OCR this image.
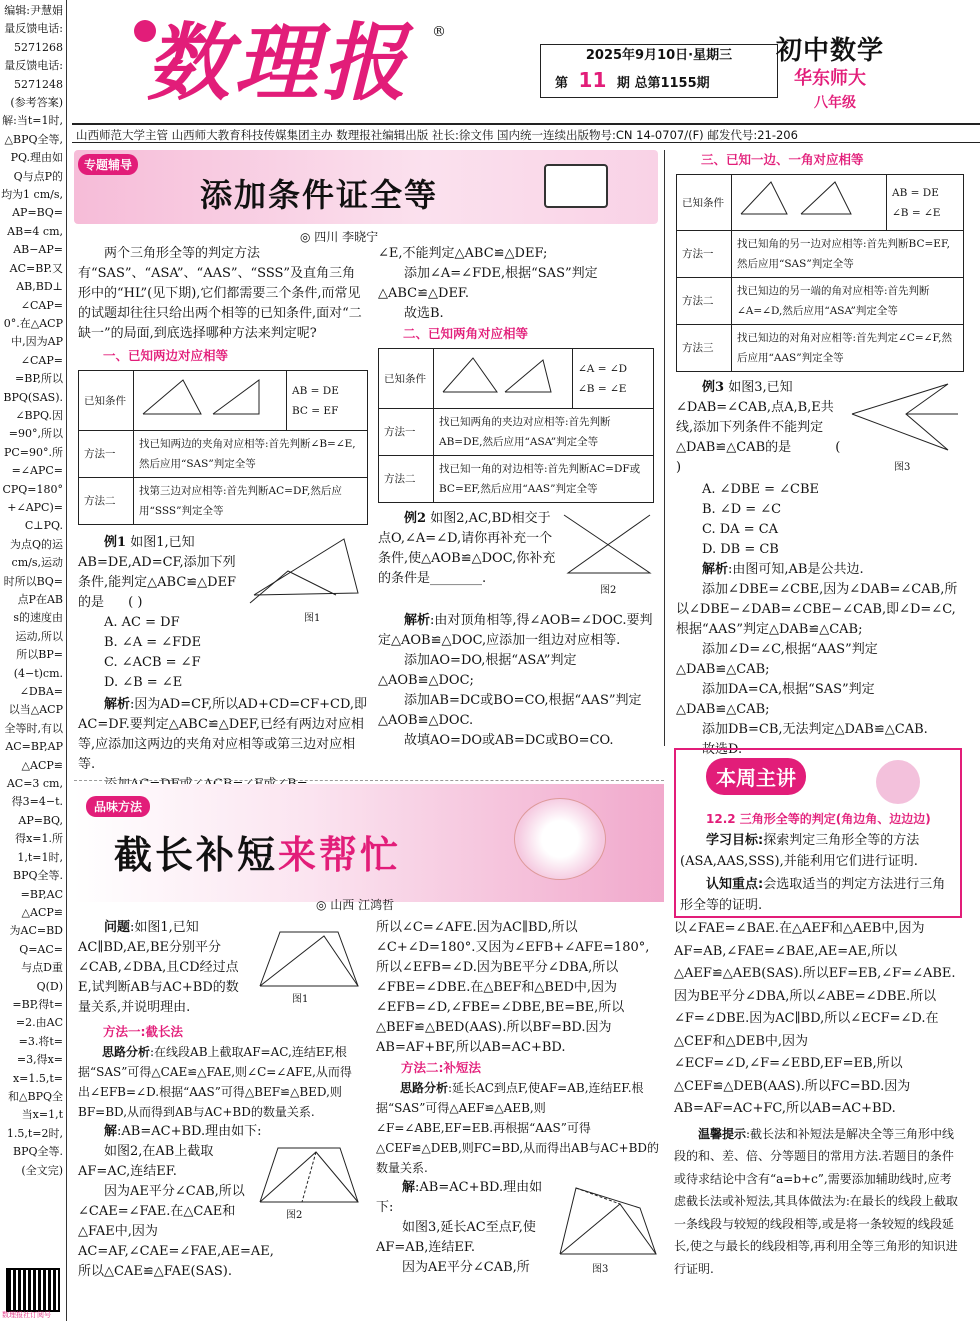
编辑:尹慧娟
量反馈电话:
5271268
量反馈电话:
5271248
(参考答案)
解:当t=1时,
△BPQ全等,
PQ.理由如
Q与点P的
均为1 cm/s,
AP=BQ=
AB=4 cm,
AB−AP=
AC=BP.又
AB,BD⊥
∠CAP=
0°.在△ACP
中,因为AP
∠CAP=
=BP,所以
BPQ(SAS).
∠BPQ.因
=90°,所以
PC=90°.所
=∠APC=
CPQ=180°
+∠APC)=
C⊥PQ.
为点Q的运
cm/s,运动
时所以BQ=
点P在AB
s的速度由
运动,所以
所以BP=
(4−t)cm.
∠DBA=
以当△ACP
全等时,有以
AC=BP,AP
△ACP≌
AC=3 cm,
得3=4−t.
AP=BQ,
得x=1.所
1,t=1时,
BPQ全等.
=BP,AC
△ACP≌
为AC=BD
Q=AC=
与点D重
Q(D)
=BP,得t=
=2.由AC
=3.将t=
=3,得x=
x=1.5,t=
和△BPQ全
当x=1,t
1.5,t=2时,
BPQ全等.
(全文完)
数理报社订阅号
数理报 ®
2025年9月10日·星期三
第 11 期 总第1155期
初中数学
华东师大
八年级
山西师范大学主管 山西师大教育科技传媒集团主办 数理报社编辑出版 社长:徐文伟 国内统一连续出版物号:CN 14-0707/(F) 邮发代号:21-206
专题辅导
添加条件证全等
◎ 四川 李晓宁

两个三角形全等的判定方法有“SAS”、“ASA”、“AAS”、“SSS”及直角三角形中的“HL”(见下期),它们都需要三个条件,而常见的试题却往往只给出两个相等的已知条件,面对“二缺一”的局面,到底选择哪种方法来判定呢?

一、已知两边对应相等

已知条件		AB = DE
BC = EF
方法一	找已知两边的夹角对应相等:首先判断∠B=∠E,然后应用“SAS”判定全等	
方法二	找第三边对应相等:首先判断AC=DF,然后应用“SSS”判定全等	

例1 如图1,已知AB=DE,AD=CF,添加下列条件,能判定△ABC≌△DEF的是 ( )

图1
A. AC = DF
B. ∠A = ∠FDE
C. ∠ACB = ∠F
D. ∠B = ∠E

解析:因为AD=CF,所以AD+CD=CF+CD,即AC=DF.要判定△ABC≌△DEF,已经有两边对应相等,应添加这两边的夹角对应相等或第三边对应相等.

∠E,不能判定△ABC≌△DEF;

添加∠A=∠FDE,根据“SAS”判定△ABC≌△DEF.

故选B.

二、已知两角对应相等

已知条件		∠A = ∠D
∠B = ∠E
方法一	找已知两角的夹边对应相等:首先判断AB=DE,然后应用“ASA”判定全等	
方法二	找已知一角的对边相等:首先判断AC=DF或BC=EF,然后应用“AAS”判定全等	

例2 如图2,AC,BD相交于点O,∠A=∠D,请你再补充一个条件,使△AOB≌△DOC,你补充的条件是________.

图2

解析:由对顶角相等,得∠AOB=∠DOC.要判定△AOB≌△DOC,应添加一组边对应相等.

添加AO=DO,根据“ASA”判定△AOB≌△DOC;

添加AB=DC或BO=CO,根据“AAS”判定△AOB≌△DOC.

故填AO=DO或AB=DC或BO=CO.

三、已知一边、一角对应相等

已知条件		AB = DE
∠B = ∠E
方法一	找已知角的另一边对应相等:首先判断BC=EF,然后应用“SAS”判定全等	
方法二	找已知边的另一端的角对应相等:首先判断∠A=∠D,然后应用“ASA”判定全等	
方法三	找已知边的对角对应相等:首先判定∠C=∠F,然后应用“AAS”判定全等	

例3 如图3,已知∠DAB=∠CAB,点A,B,E共线,添加下列条件不能判定△DAB≌△CAB的是	( )	图3
A. ∠DBE = ∠CBE
B. ∠D = ∠C
C. DA = CA
D. DB = CB

解析:由图可知,AB是公共边.

添加∠DBE=∠CBE,因为∠DAB=∠CAB,所以∠DBE−∠DAB=∠CBE−∠CAB,即∠D=∠C,根据“AAS”判定△DAB≌△CAB;

添加∠D=∠C,根据“AAS”判定△DAB≌△CAB;

添加DA=CA,根据“SAS”判定△DAB≌△CAB;

添加DB=CB,无法判定△DAB≌△CAB.

故选D.

本周主讲
12.2 三角形全等的判定(角边角、边边边)

学习目标:探索判定三角形全等的方法(ASA,AAS,SSS),并能利用它们进行证明.

认知重点:会选取适当的判定方法进行三角形全等的证明.

品味方法
截长补短来帮忙
◎ 山西 江鸿哲

问题:如图1,已知AC∥BD,AE,BE分别平分∠CAB,∠DBA,且CD经过点E,试判断AB与AC+BD的数量关系,并说明理由.

图1

方法一:截长法

思路分析:在线段AB上截取AF=AC,连结EF,根据“SAS”可得△CAE≌△FAE,则∠C=∠AFE,从而得出∠EFB=∠D.根据“AAS”可得△BEF≌△BED,则BF=BD,从而得到AB与AC+BD的数量关系.

解:AB=AC+BD.理由如下:

如图2,在AB上截取AF=AC,连结EF.

图2

因为AE平分∠CAB,所以∠CAE=∠FAE.在△CAE和△FAE中,因为AC=AF,∠CAE=∠FAE,AE=AE,所以△CAE≌△FAE(SAS).

所以∠C=∠AFE.因为AC∥BD,所以∠C+∠D=180°.又因为∠EFB+∠AFE=180°,所以∠EFB=∠D.因为BE平分∠DBA,所以∠FBE=∠DBE.在△BEF和△BED中,因为∠EFB=∠D,∠FBE=∠DBE,BE=BE,所以△BEF≌△BED(AAS).所以BF=BD.因为AB=AF+BF,所以AB=AC+BD.

方法二:补短法

思路分析:延长AC到点F,使AF=AB,连结EF.根据“SAS”可得△AEF≌△AEB,则∠F=∠ABE,EF=EB.再根据“AAS”可得△CEF≌△DEB,则FC=BD,从而得出AB与AC+BD的数量关系.

解:AB=AC+BD.理由如下:

如图3,延长AC至点F,使AF=AB,连结EF.

因为AE平分∠CAB,所	图3

以∠FAE=∠BAE.在△AEF和△AEB中,因为AF=AB,∠FAE=∠BAE,AE=AE,所以△AEF≌△AEB(SAS).所以EF=EB,∠F=∠ABE.因为BE平分∠DBA,所以∠ABE=∠DBE.所以∠F=∠DBE.因为AC∥BD,所以∠ECF=∠D.在△CEF和△DEB中,因为∠ECF=∠D,∠F=∠EBD,EF=EB,所以△CEF≌△DEB(AAS).所以FC=BD.因为AB=AF=AC+FC,所以AB=AC+BD.

温馨提示:截长法和补短法是解决全等三角形中线段的和、差、倍、分等题目的常用方法.若题目的条件或待求结论中含有“a=b+c”,需要添加辅助线时,应考虑截长法或补短法,其具体做法为:在最长的线段上截取一条线段与较短的线段相等,或是将一条较短的线段延长,使之与最长的线段相等,再利用全等三角形的知识进行证明.
